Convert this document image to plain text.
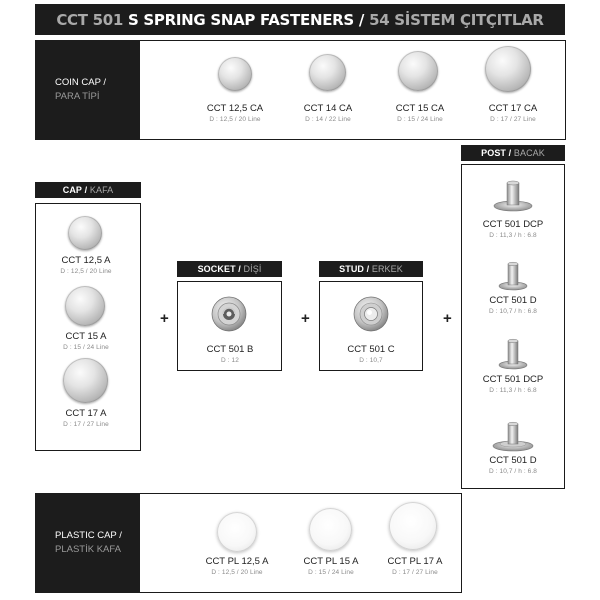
CCT 501 S SPRING SNAP FASTENERS / 54 SİSTEM ÇITÇITLAR
COIN CAP /
PARA TİPİ
CCT 12,5 CA
D : 12,5 / 20 Line
CCT 14 CA
D : 14 / 22 Line
CCT 15 CA
D : 15 / 24 Line
CCT 17 CA
D : 17 / 27 Line
POST
/
BACAK
CCT 501 DCP
D : 11,3 / h : 6.8
CCT 501 D
D : 10,7 / h : 6.8
CCT 501 DCP
D : 11,3 / h : 6.8
CCT 501 D
D : 10,7 / h : 6.8
CAP
/
KAFA
CCT 12,5 A
D : 12,5 / 20 Line
CCT 15 A
D : 15 / 24 Line
CCT 17 A
D : 17 / 27 Line
+	+	+
SOCKET
/
DİŞİ
CCT 501 B
D : 12
STUD
/
ERKEK
CCT 501 C
D : 10,7
PLASTIC CAP /
PLASTİK KAFA
CCT PL 12,5 A
D : 12,5 / 20 Line
CCT PL 15 A
D : 15 / 24 Line
CCT PL 17 A
D : 17 / 27 Line
